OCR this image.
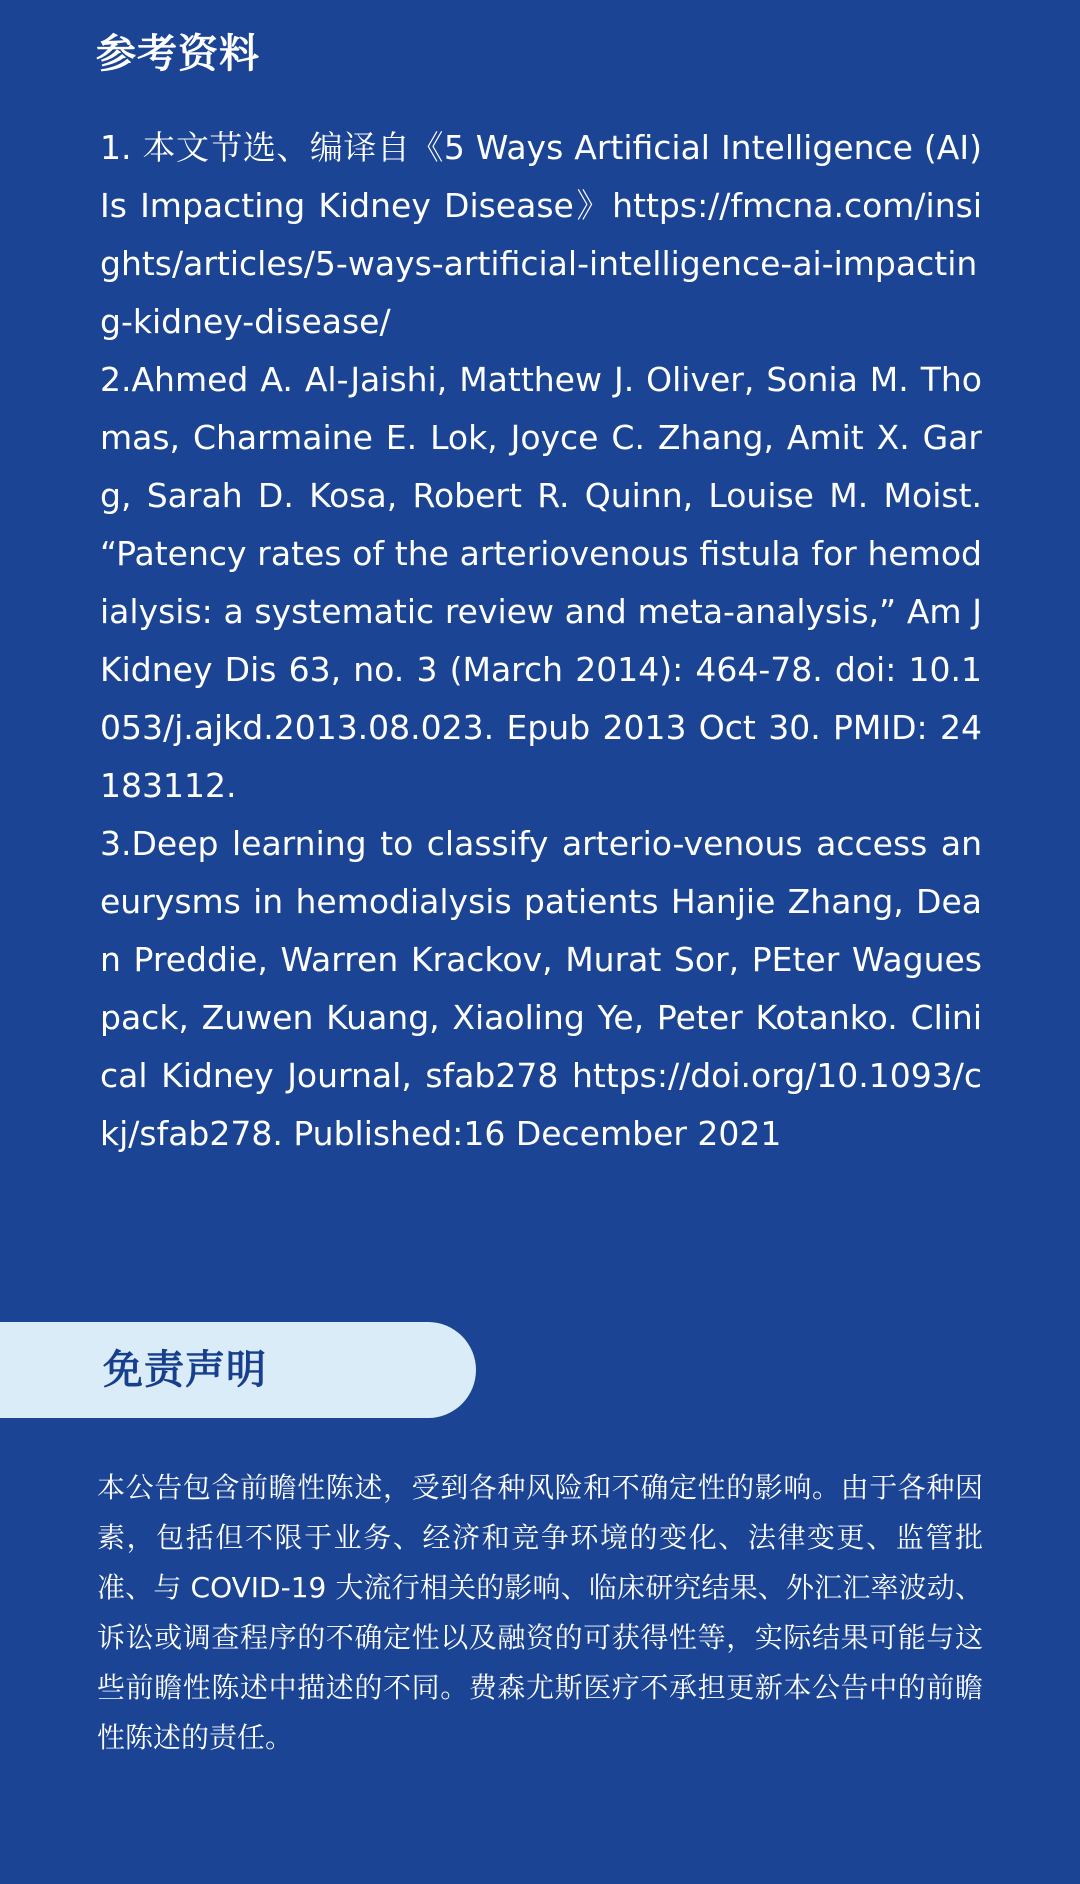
参考资料

1. 本文节选、编译自《5 Ways Artificial Intelligence (AI) Is Impacting Kidney Disease》https://fmcna.com/insights/articles/5-ways-artificial-intelligence-ai-impacting-kidney-disease/

2.Ahmed A. Al-Jaishi, Matthew J. Oliver, Sonia M. Thomas, Charmaine E. Lok, Joyce C. Zhang, Amit X. Garg, Sarah D. Kosa, Robert R. Quinn, Louise M. Moist. “Patency rates of the arteriovenous fistula for hemodialysis: a systematic review and meta-analysis,” Am J Kidney Dis 63, no. 3 (March 2014): 464-78. doi: 10.1053/j.ajkd.2013.08.023. Epub 2013 Oct 30. PMID: 24183112.

3.Deep learning to classify arterio-venous access aneurysms in hemodialysis patients Hanjie Zhang, Dean Preddie, Warren Krackov, Murat Sor, PEter Waguespack, Zuwen Kuang, Xiaoling Ye, Peter Kotanko. Clinical Kidney Journal, sfab278 https://doi.org/10.1093/ckj/sfab278. Published:16 December 2021

免责声明

本公告包含前瞻性陈述，受到各种风险和不确定性的影响。由于各种因素，包括但不限于业务、经济和竞争环境的变化、法律变更、监管批准、与 COVID-19 大流行相关的影响、临床研究结果、外汇汇率波动、诉讼或调查程序的不确定性以及融资的可获得性等，实际结果可能与这些前瞻性陈述中描述的不同。费森尤斯医疗不承担更新本公告中的前瞻性陈述的责任。
